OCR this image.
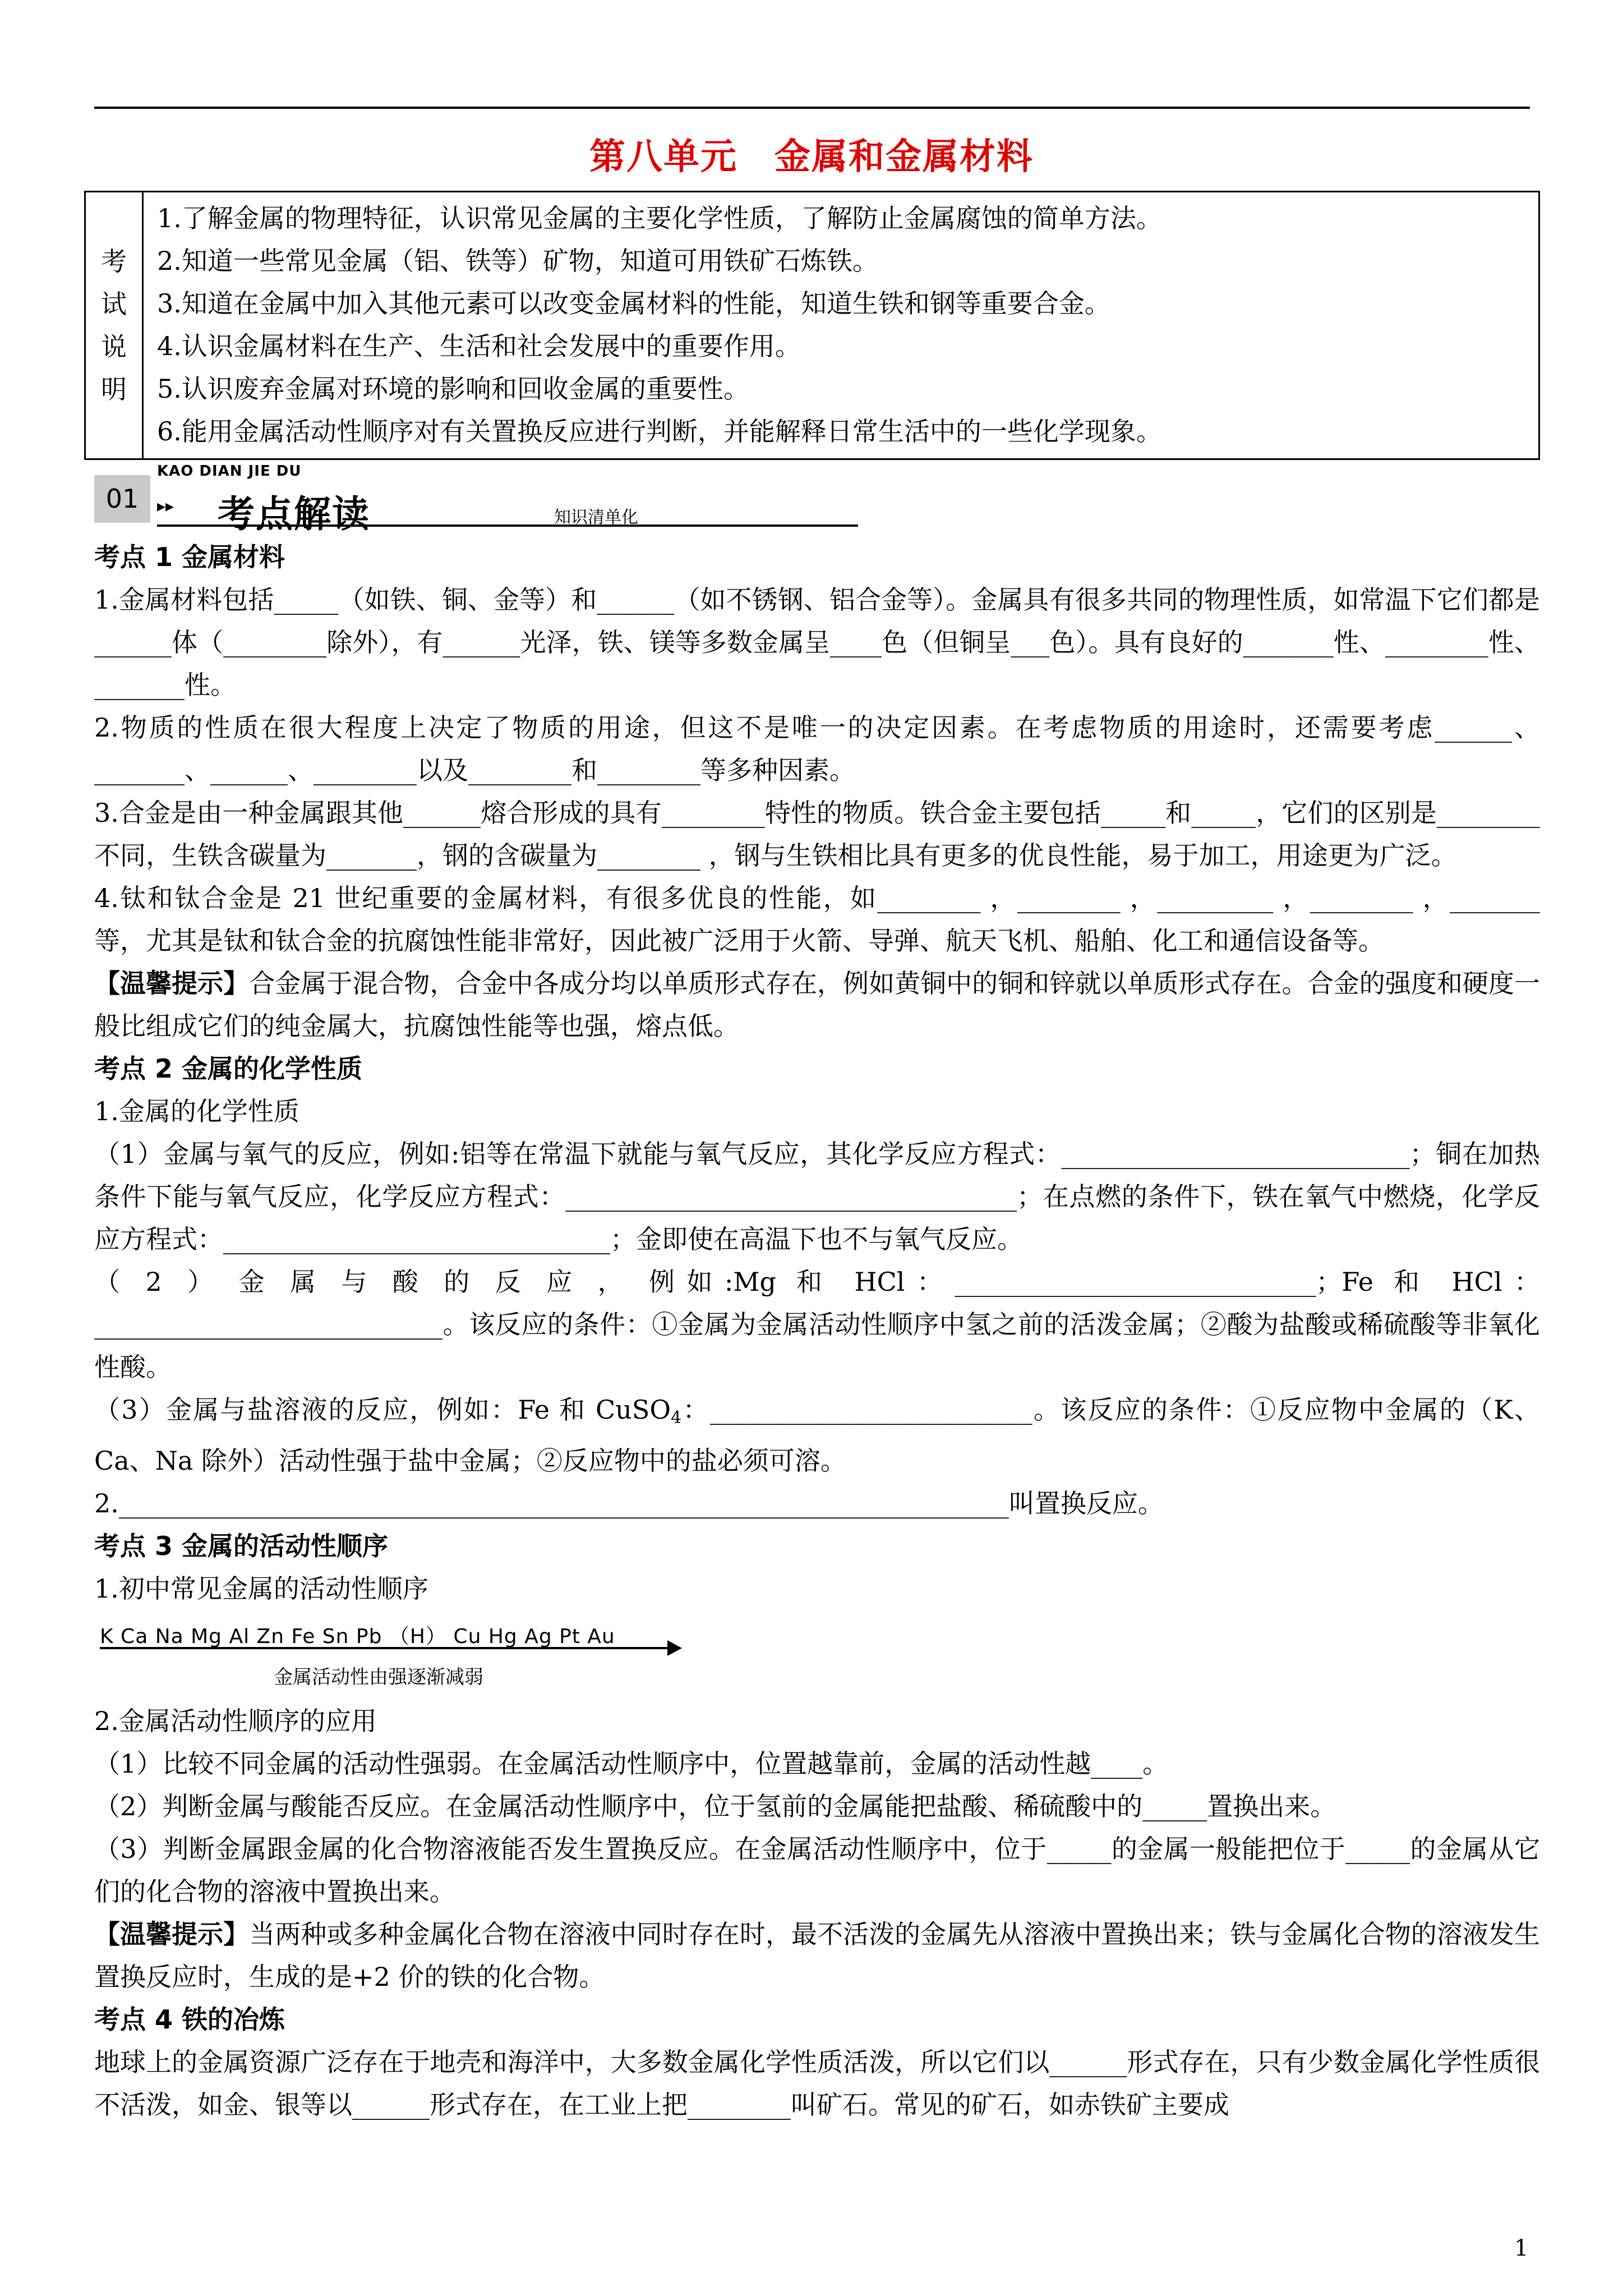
第八单元　金属和金属材料
考
试
说
明

1.了解金属的物理特征，认识常见金属的主要化学性质，了解防止金属腐蚀的简单方法。
2.知道一些常见金属（铝、铁等）矿物，知道可用铁矿石炼铁。
3.知道在金属中加入其他元素可以改变金属材料的性能，知道生铁和钢等重要合金。
4.认识金属材料在生产、生活和社会发展中的重要作用。
5.认识废弃金属对环境的影响和回收金属的重要性。
6.能用金属活动性顺序对有关置换反应进行判断，并能解释日常生活中的一些化学现象。
01
KAO DIAN JIE DU
▸▸ 考点解读	知识清单化

考点 1 金属材料

1.金属材料包括_____（如铁、铜、金等）和______（如不锈钢、铝合金等）。金属具有很多共同的物理性质，如常温下它们都是______体（________除外），有______光泽，铁、镁等多数金属呈____色（但铜呈___色）。具有良好的_______性、________性、_______性。

2.物质的性质在很大程度上决定了物质的用途，但这不是唯一的决定因素。在考虑物质的用途时，还需要考虑______、_______、______、________以及________和________等多种因素。

3.合金是由一种金属跟其他______熔合形成的具有________特性的物质。铁合金主要包括_____和_____，它们的区别是________不同，生铁含碳量为_______，钢的含碳量为________ ，钢与生铁相比具有更多的优良性能，易于加工，用途更为广泛。

4.钛和钛合金是 21 世纪重要的金属材料，有很多优良的性能，如________ ，________ ，_________ ，________ ，_______ 等，尤其是钛和钛合金的抗腐蚀性能非常好，因此被广泛用于火箭、导弹、航天飞机、船舶、化工和通信设备等。

【温馨提示】合金属于混合物，合金中各成分均以单质形式存在，例如黄铜中的铜和锌就以单质形式存在。合金的强度和硬度一般比组成它们的纯金属大，抗腐蚀性能等也强，熔点低。

考点 2 金属的化学性质

1.金属的化学性质

（1）金属与氧气的反应，例如:铝等在常温下就能与氧气反应，其化学反应方程式：___________________________；铜在加热条件下能与氧气反应，化学反应方程式：___________________________________；在点燃的条件下，铁在氧气中燃烧，化学反应方程式：______________________________；金即使在高温下也不与氧气反应。

（2）金属与酸的反应，例如:Mg 和 HCl：____________________________；Fe 和 HCl：___________________________。该反应的条件：①金属为金属活动性顺序中氢之前的活泼金属；②酸为盐酸或稀硫酸等非氧化性酸。

（3）金属与盐溶液的反应，例如：Fe 和 CuSO$_4$：_________________________。该反应的条件：①反应物中金属的（K、Ca、Na 除外）活动性强于盐中金属；②反应物中的盐必须可溶。

2._____________________________________________________________________叫置换反应。

考点 3 金属的活动性顺序

1.初中常见金属的活动性顺序

K Ca Na Mg Al Zn Fe Sn Pb （H） Cu Hg Ag Pt Au
金属活动性由强逐渐减弱

2.金属活动性顺序的应用

（1）比较不同金属的活动性强弱。在金属活动性顺序中，位置越靠前，金属的活动性越____。

（2）判断金属与酸能否反应。在金属活动性顺序中，位于氢前的金属能把盐酸、稀硫酸中的_____置换出来。

（3）判断金属跟金属的化合物溶液能否发生置换反应。在金属活动性顺序中，位于_____的金属一般能把位于_____的金属从它们的化合物的溶液中置换出来。

【温馨提示】当两种或多种金属化合物在溶液中同时存在时，最不活泼的金属先从溶液中置换出来；铁与金属化合物的溶液发生置换反应时，生成的是+2 价的铁的化合物。

考点 4 铁的冶炼

地球上的金属资源广泛存在于地壳和海洋中，大多数金属化学性质活泼，所以它们以______形式存在，只有少数金属化学性质很不活泼，如金、银等以______形式存在，在工业上把________叫矿石。常见的矿石，如赤铁矿主要成

1
